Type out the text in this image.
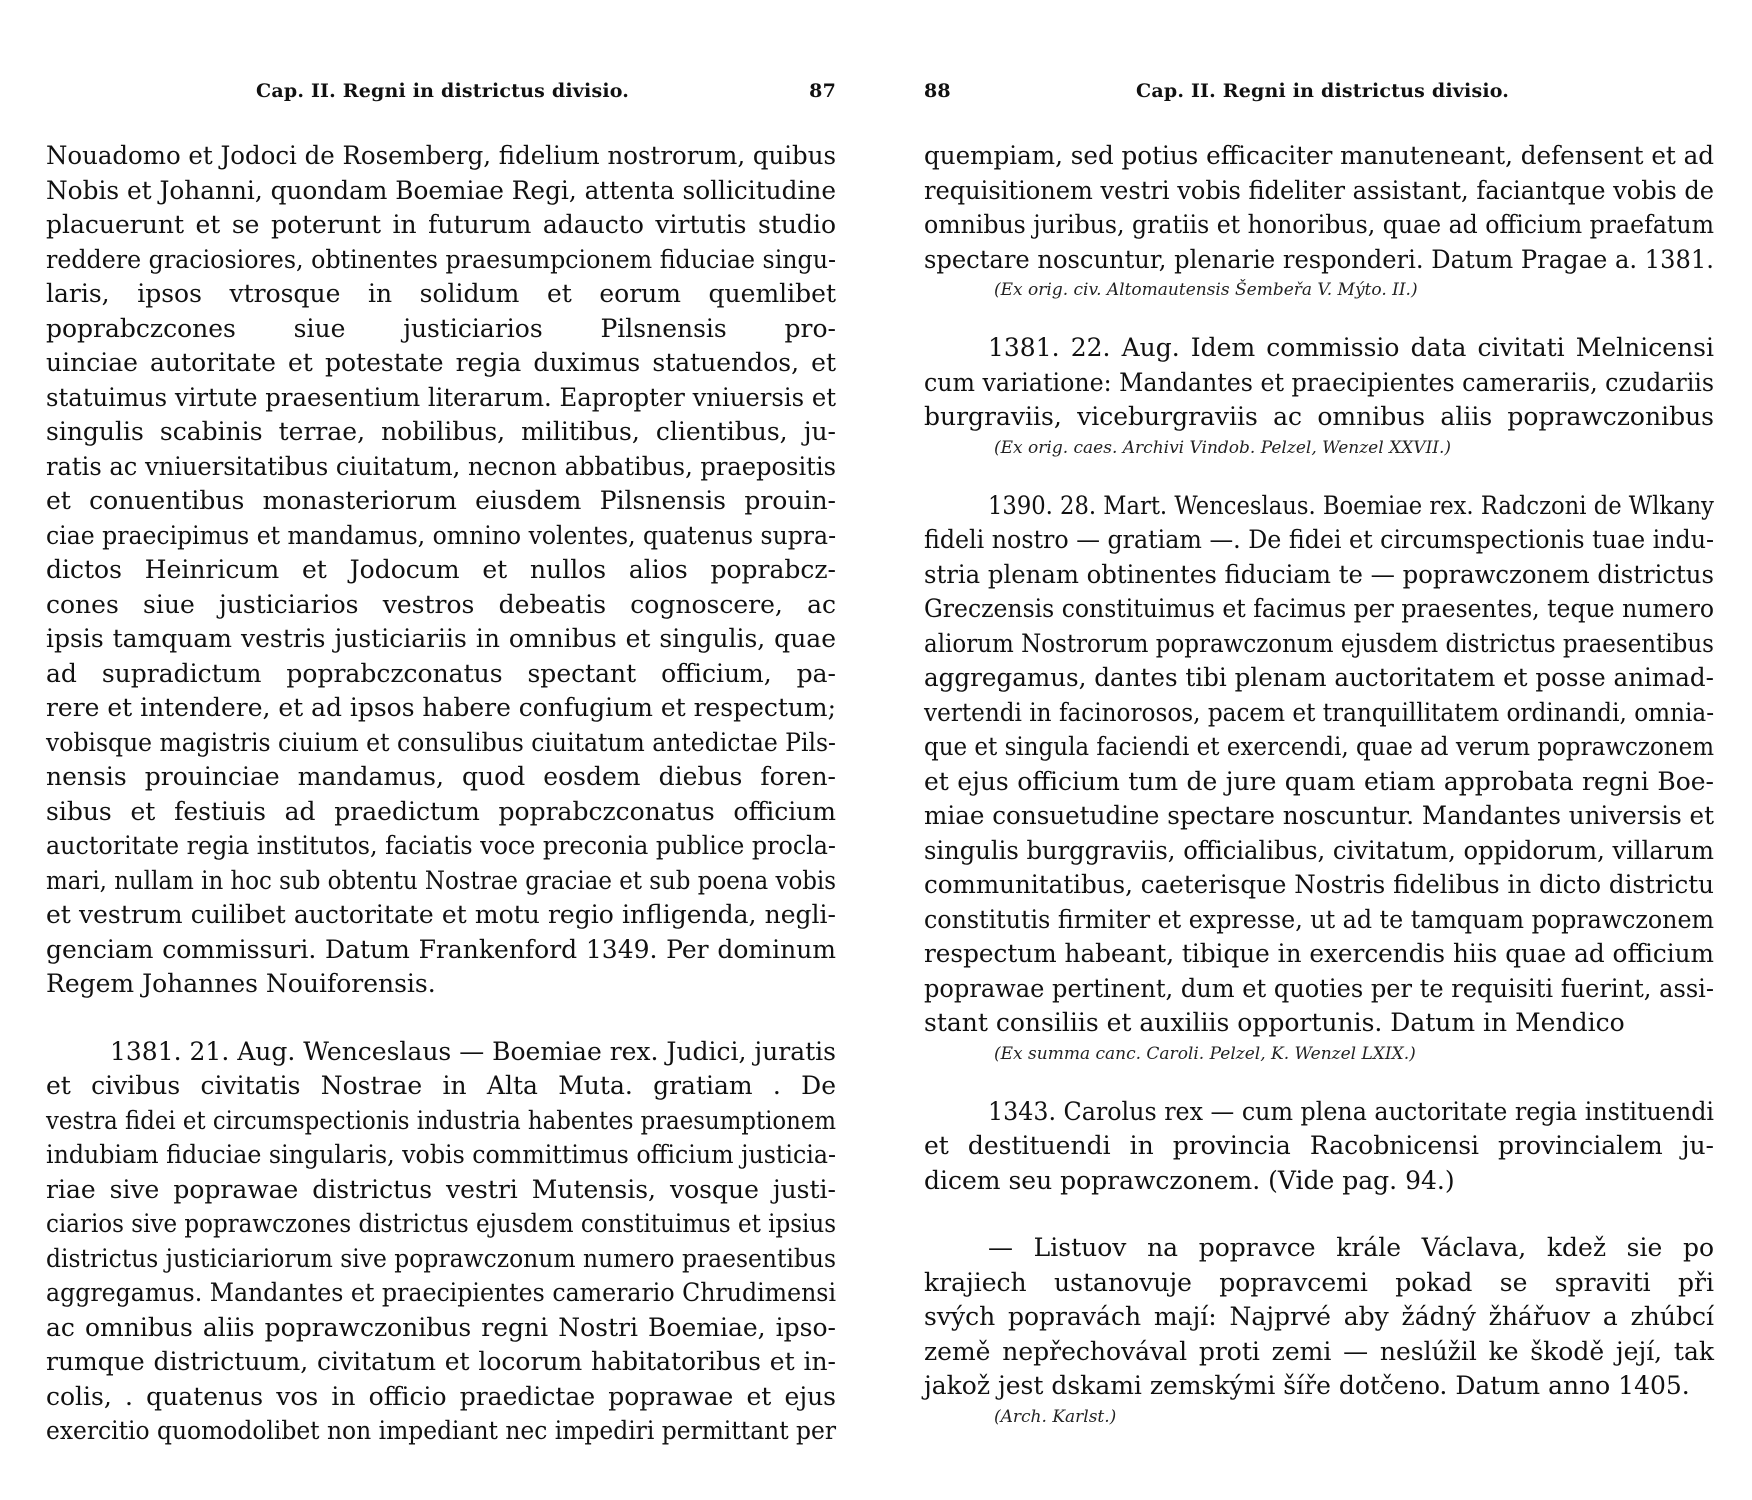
Cap. II. Regni in districtus divisio.	87
Nouadomo et Jodoci de Rosemberg, fidelium nostrorum, quibus
Nobis et Johanni, quondam Boemiae Regi, attenta sollicitudine
placuerunt et se poterunt in futurum adaucto virtutis studio
reddere graciosiores, obtinentes praesumpcionem fiduciae singu-
laris, ipsos vtrosque in solidum et eorum quemlibet
poprabczcones siue justiciarios Pilsnensis pro-
uinciae autoritate et potestate regia duximus statuendos, et
statuimus virtute praesentium literarum. Eapropter vniuersis et
singulis scabinis terrae, nobilibus, militibus, clientibus, ju-
ratis ac vniuersitatibus ciuitatum, necnon abbatibus, praepositis
et conuentibus monasteriorum eiusdem Pilsnensis prouin-
ciae praecipimus et mandamus, omnino volentes, quatenus supra-
dictos Heinricum et Jodocum et nullos alios poprabcz-
cones siue justiciarios vestros debeatis cognoscere, ac
ipsis tamquam vestris justiciariis in omnibus et singulis, quae
ad supradictum poprabczconatus spectant officium, pa-
rere et intendere, et ad ipsos habere confugium et respectum;
vobisque magistris ciuium et consulibus ciuitatum antedictae Pils-
nensis prouinciae mandamus, quod eosdem diebus foren-
sibus et festiuis ad praedictum poprabczconatus officium
auctoritate regia institutos, faciatis voce preconia publice procla-
mari, nullam in hoc sub obtentu Nostrae graciae et sub poena vobis
et vestrum cuilibet auctoritate et motu regio infligenda, negli-
genciam commissuri. Datum Frankenford 1349. Per dominum
Regem Johannes Nouiforensis.
1381. 21. Aug. Wenceslaus — Boemiae rex. Judici, juratis
et civibus civitatis Nostrae in Alta Muta. gratiam . De
vestra fidei et circumspectionis industria habentes praesumptionem
indubiam fiduciae singularis, vobis committimus officium justicia-
riae sive poprawae districtus vestri Mutensis, vosque justi-
ciarios sive poprawczones districtus ejusdem constituimus et ipsius
districtus justiciariorum sive poprawczonum numero praesentibus
aggregamus. Mandantes et praecipientes camerario Chrudimensi
ac omnibus aliis poprawczonibus regni Nostri Boemiae, ipso-
rumque districtuum, civitatum et locorum habitatoribus et in-
colis, . quatenus vos in officio praedictae poprawae et ejus
exercitio quomodolibet non impediant nec impediri permittant per
88	Cap. II. Regni in districtus divisio.
quempiam, sed potius efficaciter manuteneant, defensent et ad
requisitionem vestri vobis fideliter assistant, faciantque vobis de
omnibus juribus, gratiis et honoribus, quae ad officium praefatum
spectare noscuntur, plenarie responderi. Datum Pragae a. 1381.
(Ex orig. civ. Altomautensis Šembeřa V. Mýto. II.)
1381. 22. Aug. Idem commissio data civitati Melnicensi
cum variatione: Mandantes et praecipientes camerariis, czudariis
burgraviis, viceburgraviis ac omnibus aliis poprawczonibus
(Ex orig. caes. Archivi Vindob. Pelzel, Wenzel XXVII.)
1390. 28. Mart. Wenceslaus. Boemiae rex. Radczoni de Wlkany
fideli nostro — gratiam —. De fidei et circumspectionis tuae indu-
stria plenam obtinentes fiduciam te — poprawczonem districtus
Greczensis constituimus et facimus per praesentes, teque numero
aliorum Nostrorum poprawczonum ejusdem districtus praesentibus
aggregamus, dantes tibi plenam auctoritatem et posse animad-
vertendi in facinorosos, pacem et tranquillitatem ordinandi, omnia-
que et singula faciendi et exercendi, quae ad verum poprawczonem
et ejus officium tum de jure quam etiam approbata regni Boe-
miae consuetudine spectare noscuntur. Mandantes universis et
singulis burggraviis, officialibus, civitatum, oppidorum, villarum
communitatibus, caeterisque Nostris fidelibus in dicto districtu
constitutis firmiter et expresse, ut ad te tamquam poprawczonem
respectum habeant, tibique in exercendis hiis quae ad officium
poprawae pertinent, dum et quoties per te requisiti fuerint, assi-
stant consiliis et auxiliis opportunis. Datum in Mendico
(Ex summa canc. Caroli. Pelzel, K. Wenzel LXIX.)
1343. Carolus rex — cum plena auctoritate regia instituendi
et destituendi in provincia Racobnicensi provincialem ju-
dicem seu poprawczonem. (Vide pag. 94.)
— Listuov na popravce krále Václava, kdež sie po
krajiech ustanovuje popravcemi pokad se spraviti při
svých popravách mají: Najprvé aby žádný žhářuov a zhúbcí
země nepřechovával proti zemi — neslúžil ke škodě její, tak
jakož jest dskami zemskými šíře dotčeno. Datum anno 1405.
(Arch. Karlst.)
